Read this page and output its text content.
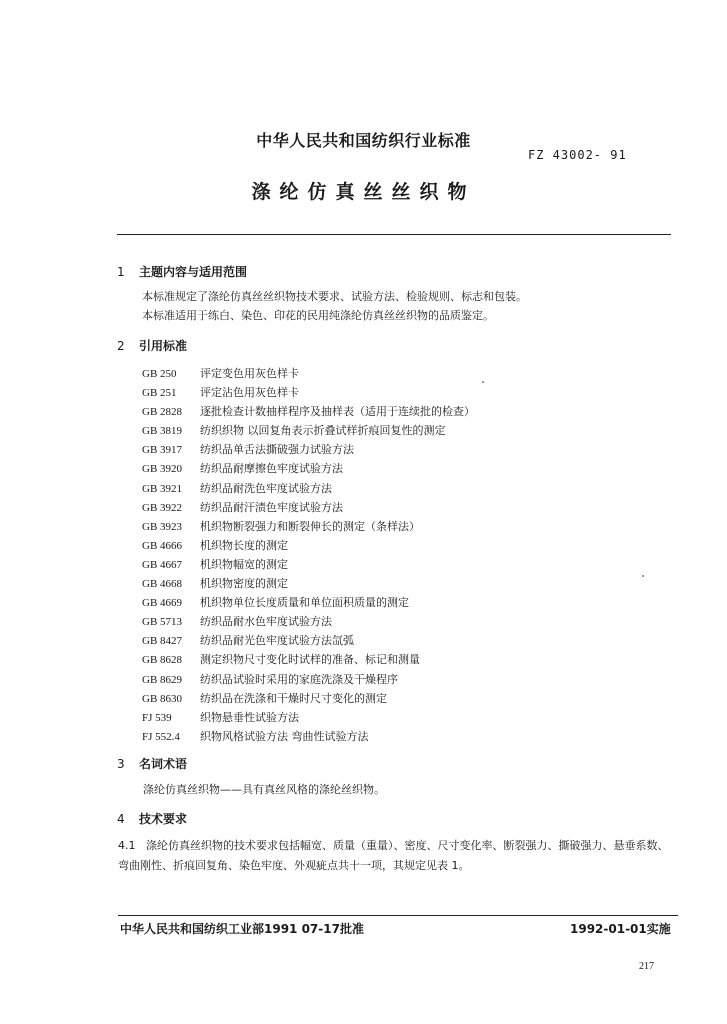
中华人民共和国纺织行业标准
FZ 43002- 91
涤纶仿真丝丝织物
1 主题内容与适用范围
本标准规定了涤纶仿真丝丝织物技术要求、试验方法、检验规则、标志和包装。
本标准适用于练白、染色、印花的民用纯涤纶仿真丝丝织物的品质鉴定。
2 引用标准
GB 250 评定变色用灰色样卡
GB 251 评定沾色用灰色样卡
GB 2828 逐批检查计数抽样程序及抽样表（适用于连续批的检查）
GB 3819 纺织织物 以回复角表示折叠试样折痕回复性的测定
GB 3917 纺织品单舌法撕破强力试验方法
GB 3920 纺织品耐摩擦色牢度试验方法
GB 3921 纺织品耐洗色牢度试验方法
GB 3922 纺织品耐汗渍色牢度试验方法
GB 3923 机织物断裂强力和断裂伸长的测定（条样法）
GB 4666 机织物长度的测定
GB 4667 机织物幅宽的测定
GB 4668 机织物密度的测定
GB 4669 机织物单位长度质量和单位面积质量的测定
GB 5713 纺织品耐水色牢度试验方法
GB 8427 纺织品耐光色牢度试验方法氙弧
GB 8628 测定织物尺寸变化时试样的准备、标记和测量
GB 8629 纺织品试验时采用的家庭洗涤及干燥程序
GB 8630 纺织品在洗涤和干燥时尺寸变化的测定
FJ 539	织物悬垂性试验方法
FJ 552.4 织物风格试验方法 弯曲性试验方法
3 名词术语
涤纶仿真丝织物——具有真丝风格的涤纶丝织物。
4 技术要求
4.1 涤纶仿真丝织物的技术要求包括幅宽、质量（重量）、密度、尺寸变化率、断裂强力、撕破强力、悬垂系数、弯曲刚性、折痕回复角、染色牢度、外观疵点共十一项，其规定见表 1。
中华人民共和国纺织工业部1991 07-17批准	1992-01-01实施
217
